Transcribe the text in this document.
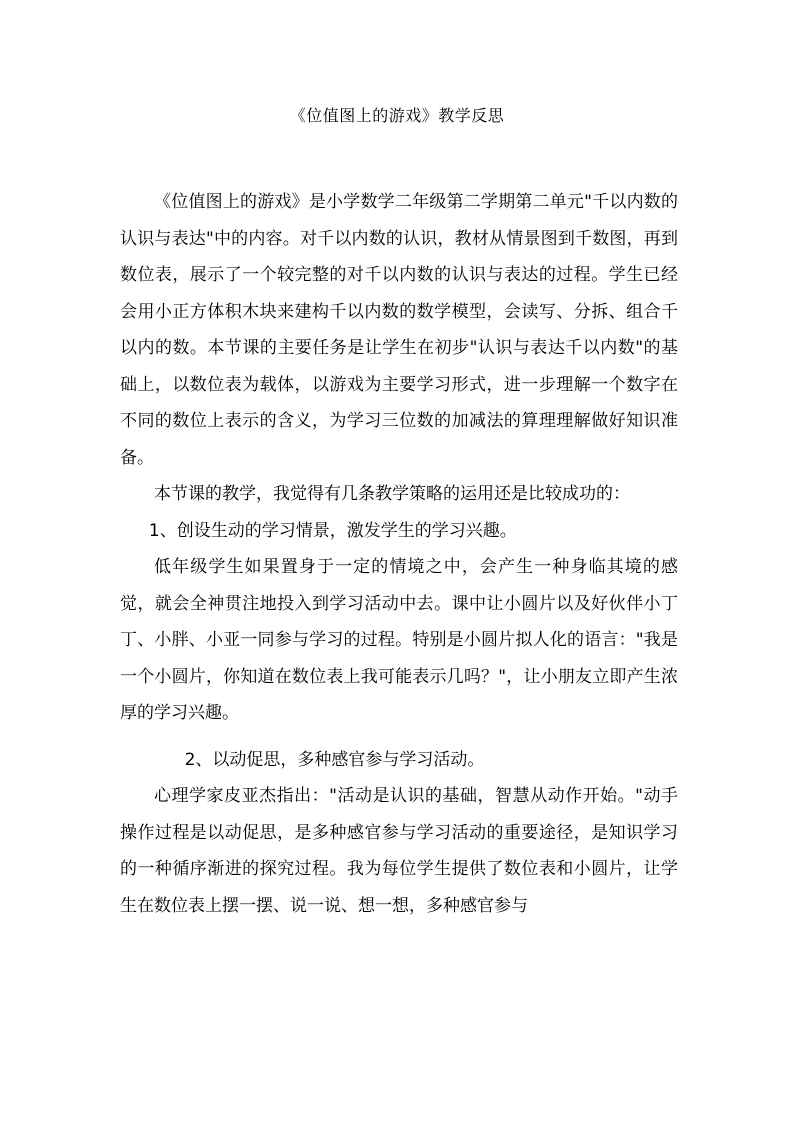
《位值图上的游戏》教学反思

《位值图上的游戏》是小学数学二年级第二学期第二单元"千以内数的认识与表达"中的内容。对千以内数的认识，教材从情景图到千数图，再到数位表，展示了一个较完整的对千以内数的认识与表达的过程。学生已经会用小正方体积木块来建构千以内数的数学模型，会读写、分拆、组合千以内的数。本节课的主要任务是让学生在初步"认识与表达千以内数"的基础上，以数位表为载体，以游戏为主要学习形式，进一步理解一个数字在不同的数位上表示的含义，为学习三位数的加减法的算理理解做好知识准备。

本节课的教学，我觉得有几条教学策略的运用还是比较成功的：

1、创设生动的学习情景，激发学生的学习兴趣。

低年级学生如果置身于一定的情境之中，会产生一种身临其境的感觉，就会全神贯注地投入到学习活动中去。课中让小圆片以及好伙伴小丁丁、小胖、小亚一同参与学习的过程。特别是小圆片拟人化的语言："我是一个小圆片，你知道在数位表上我可能表示几吗？"，让小朋友立即产生浓厚的学习兴趣。

2、以动促思，多种感官参与学习活动。

心理学家皮亚杰指出："活动是认识的基础，智慧从动作开始。"动手操作过程是以动促思，是多种感官参与学习活动的重要途径，是知识学习的一种循序渐进的探究过程。我为每位学生提供了数位表和小圆片，让学生在数位表上摆一摆、说一说、想一想，多种感官参与
